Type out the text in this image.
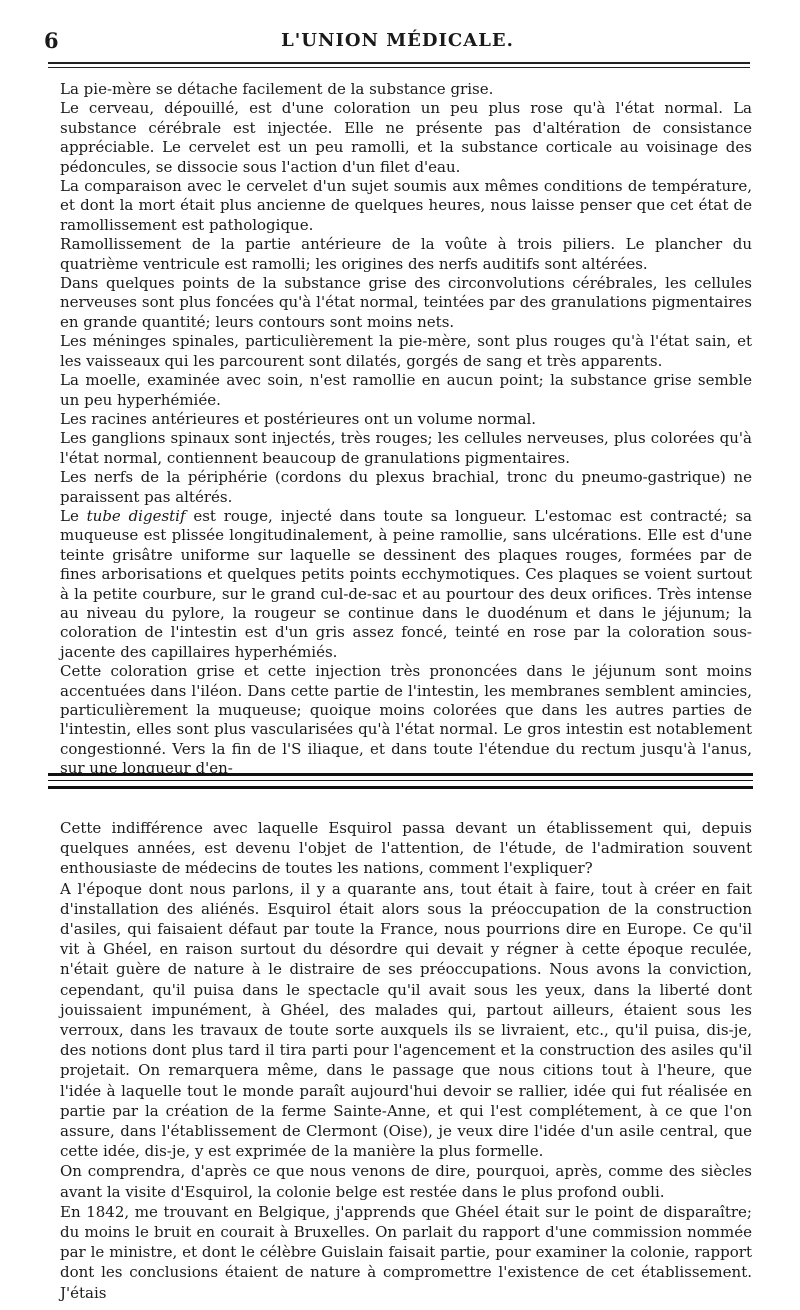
6	L'UNION MÉDICALE.

La pie-mère se détache facilement de la substance grise.

Le cerveau, dépouillé, est d'une coloration un peu plus rose qu'à l'état normal. La substance cérébrale est injectée. Elle ne présente pas d'altération de consistance appréciable. Le cervelet est un peu ramolli, et la substance corticale au voisinage des pédoncules, se dissocie sous l'action d'un filet d'eau.

La comparaison avec le cervelet d'un sujet soumis aux mêmes conditions de température, et dont la mort était plus ancienne de quelques heures, nous laisse penser que cet état de ramollissement est pathologique.

Ramollissement de la partie antérieure de la voûte à trois piliers. Le plancher du quatrième ventricule est ramolli; les origines des nerfs auditifs sont altérées.

Dans quelques points de la substance grise des circonvolutions cérébrales, les cellules nerveuses sont plus foncées qu'à l'état normal, teintées par des granulations pigmentaires en grande quantité; leurs contours sont moins nets.

Les méninges spinales, particulièrement la pie-mère, sont plus rouges qu'à l'état sain, et les vaisseaux qui les parcourent sont dilatés, gorgés de sang et très apparents.

La moelle, examinée avec soin, n'est ramollie en aucun point; la substance grise semble un peu hyperhémiée.

Les racines antérieures et postérieures ont un volume normal.

Les ganglions spinaux sont injectés, très rouges; les cellules nerveuses, plus colorées qu'à l'état normal, contiennent beaucoup de granulations pigmentaires.

Les nerfs de la périphérie (cordons du plexus brachial, tronc du pneumo-gastrique) ne paraissent pas altérés.

Le tube digestif est rouge, injecté dans toute sa longueur. L'estomac est contracté; sa muqueuse est plissée longitudinalement, à peine ramollie, sans ulcérations. Elle est d'une teinte grisâtre uniforme sur laquelle se dessinent des plaques rouges, formées par de fines arborisations et quelques petits points ecchymotiques. Ces plaques se voient surtout à la petite courbure, sur le grand cul-de-sac et au pourtour des deux orifices. Très intense au niveau du pylore, la rougeur se continue dans le duodénum et dans le jéjunum; la coloration de l'intestin est d'un gris assez foncé, teinté en rose par la coloration sous-jacente des capillaires hyperhémiés.

Cette coloration grise et cette injection très prononcées dans le jéjunum sont moins accentuées dans l'iléon. Dans cette partie de l'intestin, les membranes semblent amincies, particulièrement la muqueuse; quoique moins colorées que dans les autres parties de l'intestin, elles sont plus vascularisées qu'à l'état normal. Le gros intestin est notablement congestionné. Vers la fin de l'S iliaque, et dans toute l'étendue du rectum jusqu'à l'anus, sur une longueur d'en-

Cette indifférence avec laquelle Esquirol passa devant un établissement qui, depuis quelques années, est devenu l'objet de l'attention, de l'étude, de l'admiration souvent enthousiaste de médecins de toutes les nations, comment l'expliquer?

A l'époque dont nous parlons, il y a quarante ans, tout était à faire, tout à créer en fait d'installation des aliénés. Esquirol était alors sous la préoccupation de la construction d'asiles, qui faisaient défaut par toute la France, nous pourrions dire en Europe. Ce qu'il vit à Ghéel, en raison surtout du désordre qui devait y régner à cette époque reculée, n'était guère de nature à le distraire de ses préoccupations. Nous avons la conviction, cependant, qu'il puisa dans le spectacle qu'il avait sous les yeux, dans la liberté dont jouissaient impunément, à Ghéel, des malades qui, partout ailleurs, étaient sous les verroux, dans les travaux de toute sorte auxquels ils se livraient, etc., qu'il puisa, dis-je, des notions dont plus tard il tira parti pour l'agencement et la construction des asiles qu'il projetait. On remarquera même, dans le passage que nous citions tout à l'heure, que l'idée à laquelle tout le monde paraît aujourd'hui devoir se rallier, idée qui fut réalisée en partie par la création de la ferme Sainte-Anne, et qui l'est complétement, à ce que l'on assure, dans l'établissement de Clermont (Oise), je veux dire l'idée d'un asile central, que cette idée, dis-je, y est exprimée de la manière la plus formelle.

On comprendra, d'après ce que nous venons de dire, pourquoi, après, comme des siècles avant la visite d'Esquirol, la colonie belge est restée dans le plus profond oubli.

En 1842, me trouvant en Belgique, j'apprends que Ghéel était sur le point de disparaître; du moins le bruit en courait à Bruxelles. On parlait du rapport d'une commission nommée par le ministre, et dont le célèbre Guislain faisait partie, pour examiner la colonie, rapport dont les conclusions étaient de nature à compromettre l'existence de cet établissement. J'étais
